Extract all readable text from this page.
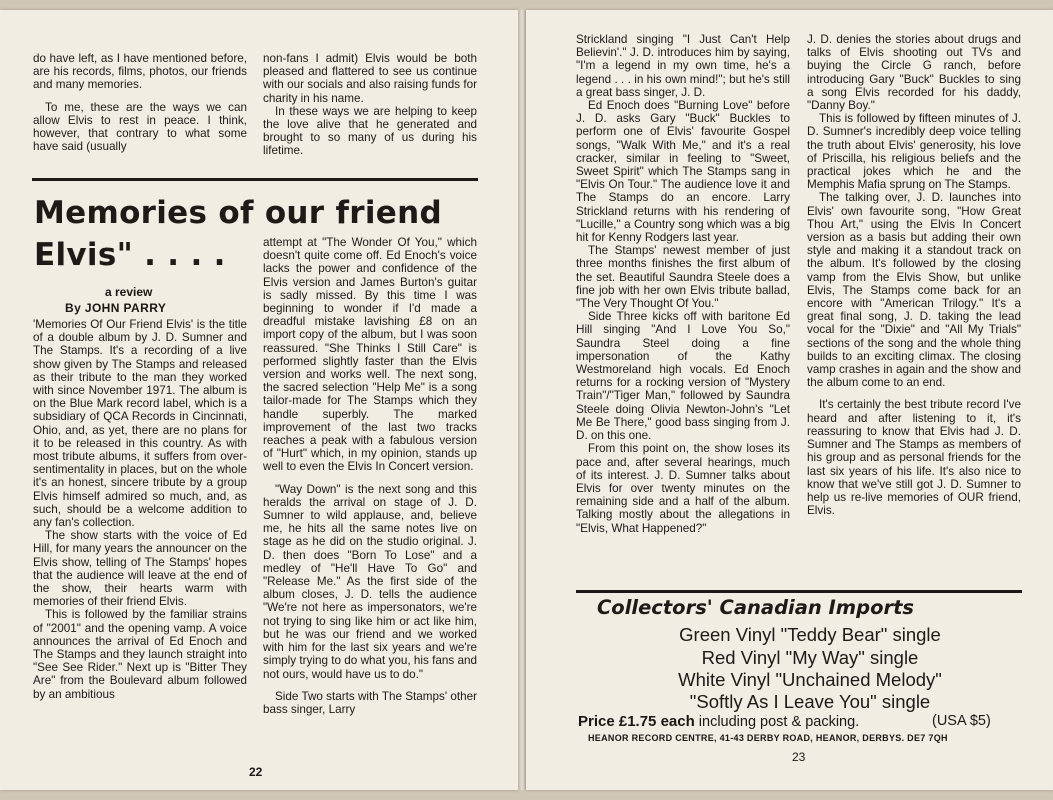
do have left, as I have mentioned before, are his records, films, photos, our friends and many memories.

To me, these are the ways we can allow Elvis to rest in peace. I think, however, that contrary to what some have said (usually

non-fans I admit) Elvis would be both pleased and flattered to see us continue with our socials and also raising funds for charity in his name.

In these ways we are helping to keep the love alive that he generated and brought to so many of us during his lifetime.

Memories of our friend Elvis" . . . .

a review

By JOHN PARRY

'Memories Of Our Friend Elvis' is the title of a double album by J. D. Sumner and The Stamps. It's a recording of a live show given by The Stamps and released as their tribute to the man they worked with since November 1971. The album is on the Blue Mark record label, which is a subsidiary of QCA Records in Cincinnati, Ohio, and, as yet, there are no plans for it to be released in this country. As with most tribute albums, it suffers from over-sentimentality in places, but on the whole it's an honest, sincere tribute by a group Elvis himself admired so much, and, as such, should be a welcome addition to any fan's collection.

The show starts with the voice of Ed Hill, for many years the announcer on the Elvis show, telling of The Stamps' hopes that the audience will leave at the end of the show, their hearts warm with memories of their friend Elvis.

This is followed by the familiar strains of "2001" and the opening vamp. A voice announces the arrival of Ed Enoch and The Stamps and they launch straight into "See See Rider." Next up is "Bitter They Are" from the Boulevard album followed by an ambitious

attempt at "The Wonder Of You," which doesn't quite come off. Ed Enoch's voice lacks the power and confidence of the Elvis version and James Burton's guitar is sadly missed. By this time I was beginning to wonder if I'd made a dreadful mistake lavishing £8 on an import copy of the album, but I was soon reassured. "She Thinks I Still Care" is performed slightly faster than the Elvis version and works well. The next song, the sacred selection "Help Me" is a song tailor-made for The Stamps which they handle superbly. The marked improvement of the last two tracks reaches a peak with a fabulous version of "Hurt" which, in my opinion, stands up well to even the Elvis In Concert version.

"Way Down" is the next song and this heralds the arrival on stage of J. D. Sumner to wild applause, and, believe me, he hits all the same notes live on stage as he did on the studio original. J. D. then does "Born To Lose" and a medley of "He'll Have To Go" and "Release Me." As the first side of the album closes, J. D. tells the audience "We're not here as impersonators, we're not trying to sing like him or act like him, but he was our friend and we worked with him for the last six years and we're simply trying to do what you, his fans and not ours, would have us to do."

Side Two starts with The Stamps' other bass singer, Larry

22

Strickland singing "I Just Can't Help Believin'." J. D. introduces him by saying, "I'm a legend in my own time, he's a legend . . . in his own mind!"; but he's still a great bass singer, J. D.

Ed Enoch does "Burning Love" before J. D. asks Gary "Buck" Buckles to perform one of Elvis' favourite Gospel songs, "Walk With Me," and it's a real cracker, similar in feeling to "Sweet, Sweet Spirit" which The Stamps sang in "Elvis On Tour." The audience love it and The Stamps do an encore. Larry Strickland returns with his rendering of "Lucille," a Country song which was a big hit for Kenny Rodgers last year.

The Stamps' newest member of just three months finishes the first album of the set. Beautiful Saundra Steele does a fine job with her own Elvis tribute ballad, "The Very Thought Of You."

Side Three kicks off with baritone Ed Hill singing "And I Love You So," Saundra Steel doing a fine impersonation of the Kathy Westmoreland high vocals. Ed Enoch returns for a rocking version of "Mystery Train"/"Tiger Man," followed by Saundra Steele doing Olivia Newton-John's "Let Me Be There," good bass singing from J. D. on this one.

From this point on, the show loses its pace and, after several hearings, much of its interest. J. D. Sumner talks about Elvis for over twenty minutes on the remaining side and a half of the album. Talking mostly about the allegations in "Elvis, What Happened?"

J. D. denies the stories about drugs and talks of Elvis shooting out TVs and buying the Circle G ranch, before introducing Gary "Buck" Buckles to sing a song Elvis recorded for his daddy, "Danny Boy."

This is followed by fifteen minutes of J. D. Sumner's incredibly deep voice telling the truth about Elvis' generosity, his love of Priscilla, his religious beliefs and the practical jokes which he and the Memphis Mafia sprung on The Stamps.

The talking over, J. D. launches into Elvis' own favourite song, "How Great Thou Art," using the Elvis In Concert version as a basis but adding their own style and making it a standout track on the album. It's followed by the closing vamp from the Elvis Show, but unlike Elvis, The Stamps come back for an encore with "American Trilogy." It's a great final song, J. D. taking the lead vocal for the "Dixie" and "All My Trials" sections of the song and the whole thing builds to an exciting climax. The closing vamp crashes in again and the show and the album come to an end.

It's certainly the best tribute record I've heard and after listening to it, it's reassuring to know that Elvis had J. D. Sumner and The Stamps as members of his group and as personal friends for the last six years of his life. It's also nice to know that we've still got J. D. Sumner to help us re-live memories of OUR friend, Elvis.

Collectors' Canadian Imports

Green Vinyl "Teddy Bear" single

Red Vinyl "My Way" single

White Vinyl "Unchained Melody"

"Softly As I Leave You" single

Price £1.75 each including post & packing.	(USA $5)

HEANOR RECORD CENTRE, 41-43 DERBY ROAD, HEANOR, DERBYS. DE7 7QH

23
